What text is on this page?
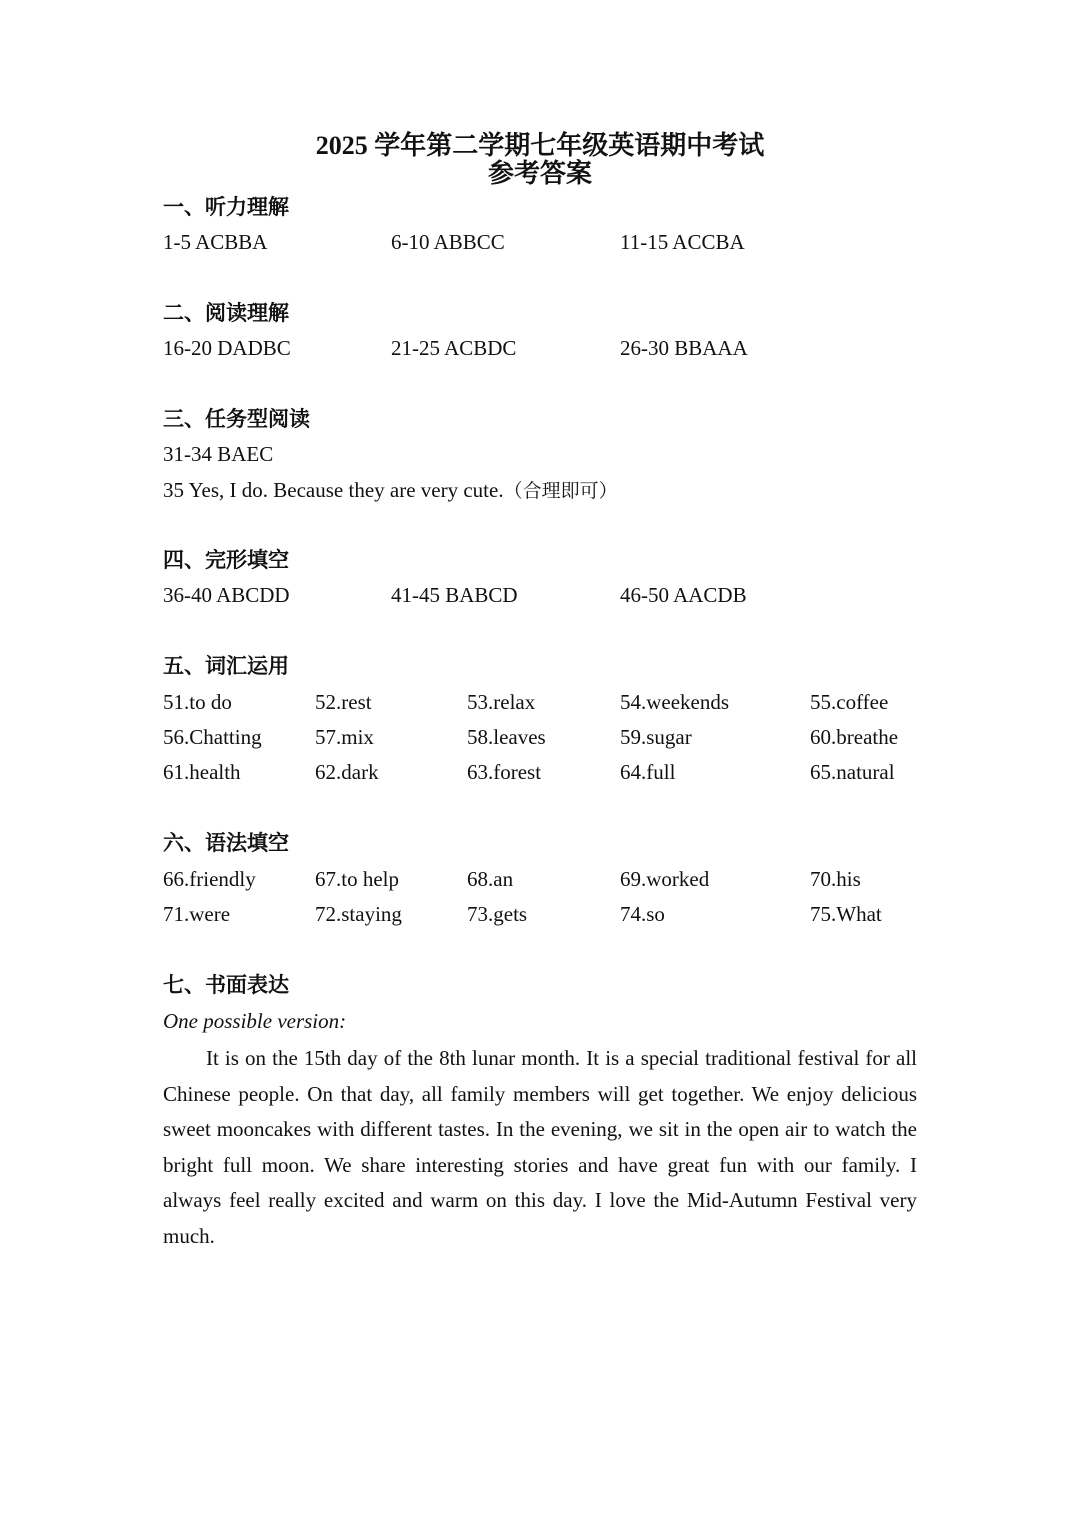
2025 学年第二学期七年级英语期中考试
参考答案
一、听力理解
1-5 ACBBA	6-10 ABBCC	11-15 ACCBA
二、阅读理解
16-20 DADBC	21-25 ACBDC	26-30 BBAAA
三、任务型阅读
31-34 BAEC
35 Yes, I do. Because they are very cute.（合理即可）
四、完形填空
36-40 ABCDD	41-45 BABCD	46-50 AACDB
五、词汇运用
51.to do	52.rest	53.relax	54.weekends	55.coffee
56.Chatting	57.mix	58.leaves	59.sugar	60.breathe
61.health	62.dark	63.forest	64.full	65.natural
六、语法填空
66.friendly	67.to help	68.an	69.worked	70.his
71.were	72.staying	73.gets	74.so	75.What
七、书面表达
One possible version:
It is on the 15th day of the 8th lunar month. It is a special traditional festival for all Chinese people. On that day, all family members will get together. We enjoy delicious sweet mooncakes with different tastes. In the evening, we sit in the open air to watch the bright full moon. We share interesting stories and have great fun with our family. I always feel really excited and warm on this day. I love the Mid-Autumn Festival very much.
